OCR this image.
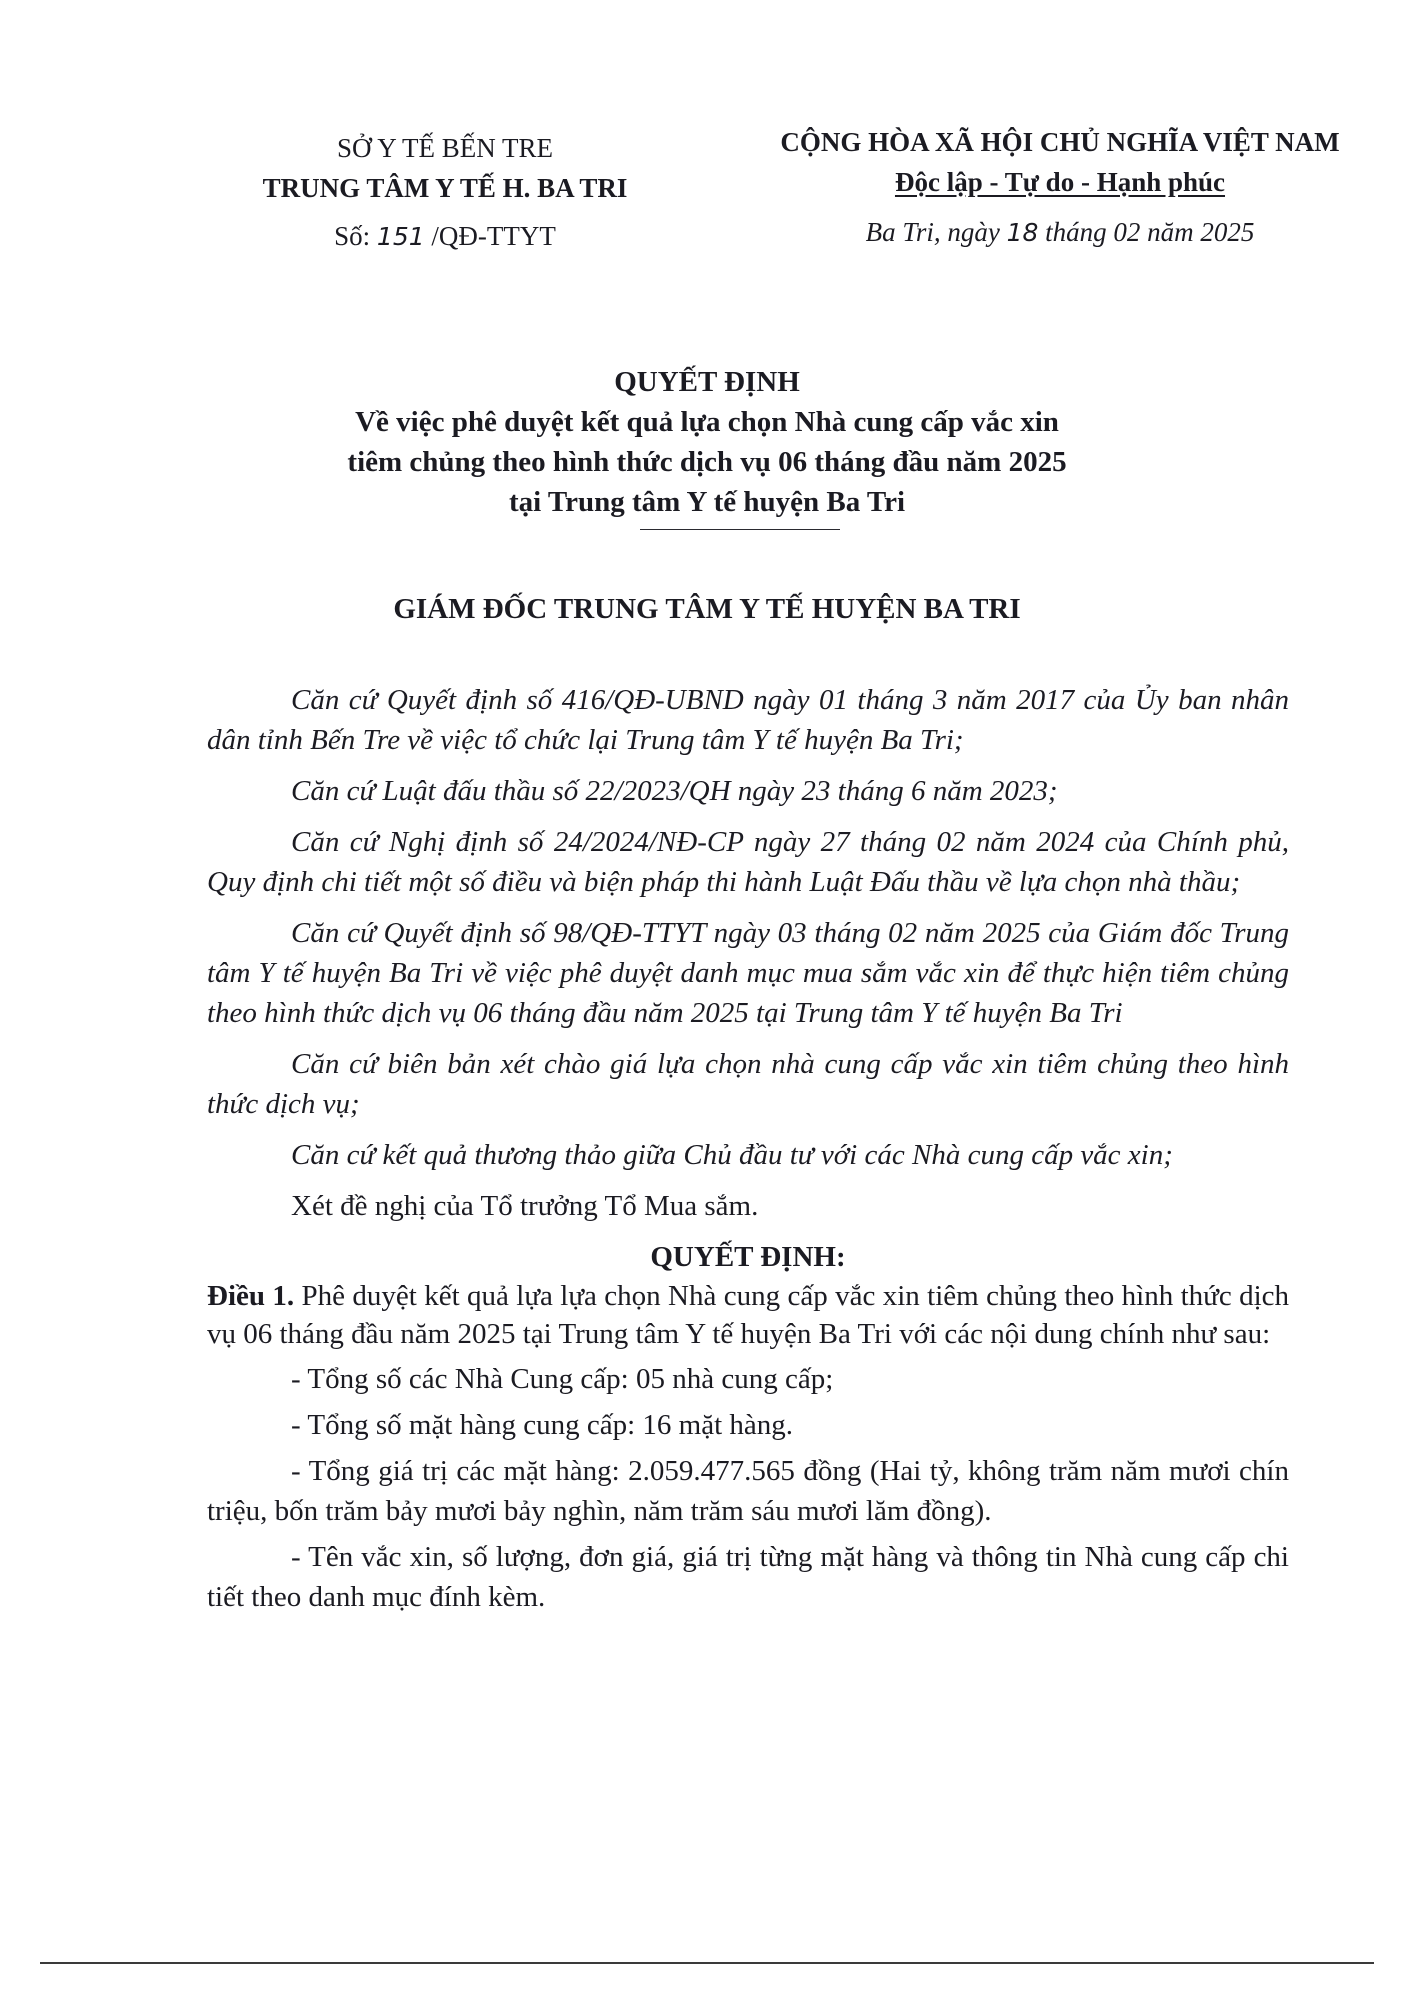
SỞ Y TẾ BẾN TRE
TRUNG TÂM Y TẾ H. BA TRI
Số: 151 /QĐ-TTYT
CỘNG HÒA XÃ HỘI CHỦ NGHĨA VIỆT NAM
Độc lập - Tự do - Hạnh phúc
Ba Tri, ngày 18 tháng 02 năm 2025
QUYẾT ĐỊNH
Về việc phê duyệt kết quả lựa chọn Nhà cung cấp vắc xin
tiêm chủng theo hình thức dịch vụ 06 tháng đầu năm 2025
tại Trung tâm Y tế huyện Ba Tri
GIÁM ĐỐC TRUNG TÂM Y TẾ HUYỆN BA TRI

Căn cứ Quyết định số 416/QĐ-UBND ngày 01 tháng 3 năm 2017 của Ủy ban nhân dân tỉnh Bến Tre về việc tổ chức lại Trung tâm Y tế huyện Ba Tri;

Căn cứ Luật đấu thầu số 22/2023/QH ngày 23 tháng 6 năm 2023;

Căn cứ Nghị định số 24/2024/NĐ-CP ngày 27 tháng 02 năm 2024 của Chính phủ, Quy định chi tiết một số điều và biện pháp thi hành Luật Đấu thầu về lựa chọn nhà thầu;

Căn cứ Quyết định số 98/QĐ-TTYT ngày 03 tháng 02 năm 2025 của Giám đốc Trung tâm Y tế huyện Ba Tri về việc phê duyệt danh mục mua sắm vắc xin để thực hiện tiêm chủng theo hình thức dịch vụ 06 tháng đầu năm 2025 tại Trung tâm Y tế huyện Ba Tri

Căn cứ biên bản xét chào giá lựa chọn nhà cung cấp vắc xin tiêm chủng theo hình thức dịch vụ;

Căn cứ kết quả thương thảo giữa Chủ đầu tư với các Nhà cung cấp vắc xin;

Xét đề nghị của Tổ trưởng Tổ Mua sắm.

QUYẾT ĐỊNH:

Điều 1. Phê duyệt kết quả lựa lựa chọn Nhà cung cấp vắc xin tiêm chủng theo hình thức dịch vụ 06 tháng đầu năm 2025 tại Trung tâm Y tế huyện Ba Tri với các nội dung chính như sau:

- Tổng số các Nhà Cung cấp: 05 nhà cung cấp;

- Tổng số mặt hàng cung cấp: 16 mặt hàng.

- Tổng giá trị các mặt hàng: 2.059.477.565 đồng (Hai tỷ, không trăm năm mươi chín triệu, bốn trăm bảy mươi bảy nghìn, năm trăm sáu mươi lăm đồng).

- Tên vắc xin, số lượng, đơn giá, giá trị từng mặt hàng và thông tin Nhà cung cấp chi tiết theo danh mục đính kèm.
